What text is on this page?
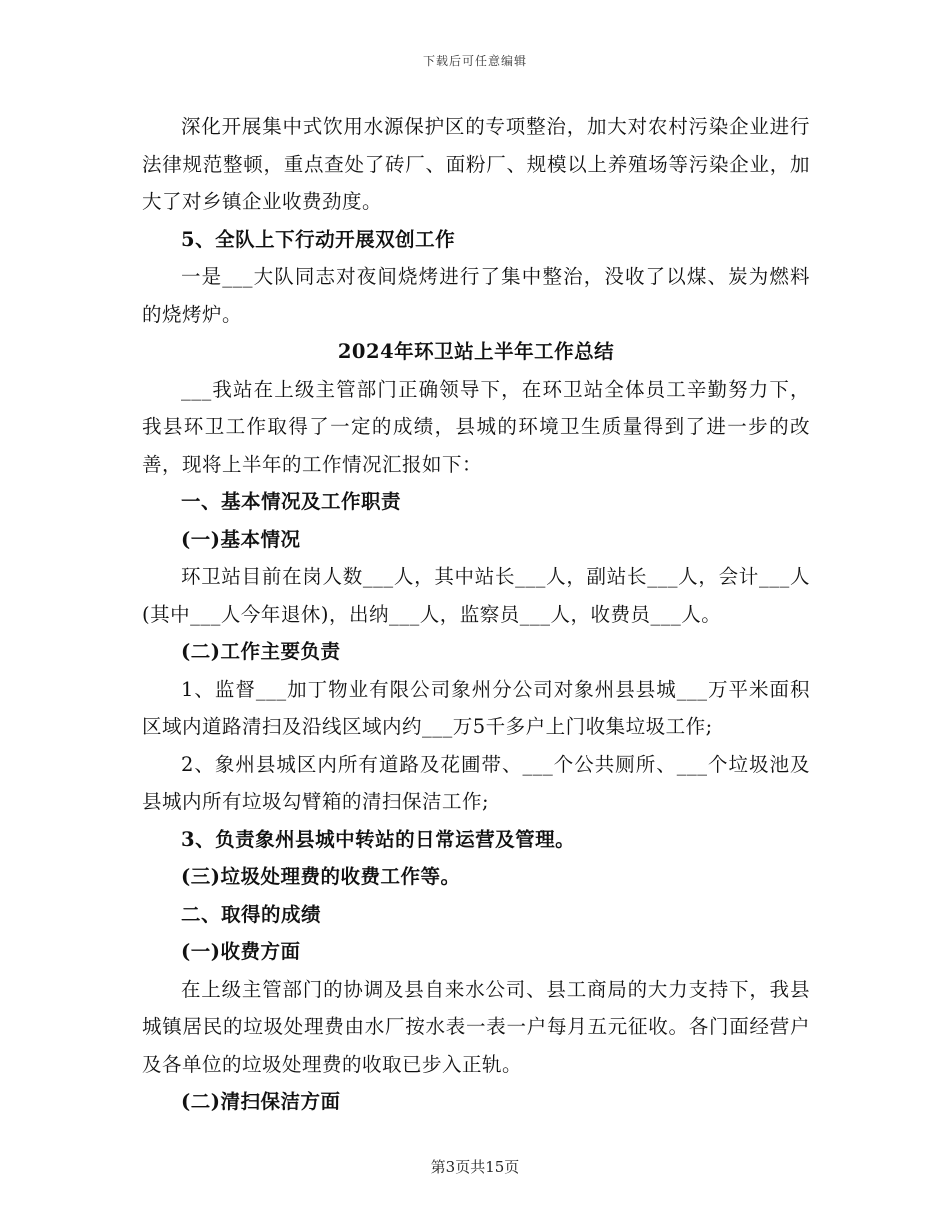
下载后可任意编辑

深化开展集中式饮用水源保护区的专项整治，加大对农村污染企业进行法律规范整顿，重点查处了砖厂、面粉厂、规模以上养殖场等污染企业，加大了对乡镇企业收费劲度。

5、全队上下行动开展双创工作

一是___大队同志对夜间烧烤进行了集中整治，没收了以煤、炭为燃料的烧烤炉。

2024年环卫站上半年工作总结

___我站在上级主管部门正确领导下，在环卫站全体员工辛勤努力下，我县环卫工作取得了一定的成绩，县城的环境卫生质量得到了进一步的改善，现将上半年的工作情况汇报如下：

一、基本情况及工作职责

(一)基本情况

环卫站目前在岗人数___人，其中站长___人，副站长___人，会计___人(其中___人今年退休)，出纳___人，监察员___人，收费员___人。

(二)工作主要负责

1、监督___加丁物业有限公司象州分公司对象州县县城___万平米面积区域内道路清扫及沿线区域内约___万5千多户上门收集垃圾工作;

2、象州县城区内所有道路及花圃带、___个公共厕所、___个垃圾池及县城内所有垃圾勾臂箱的清扫保洁工作;

3、负责象州县城中转站的日常运营及管理。

(三)垃圾处理费的收费工作等。

二、取得的成绩

(一)收费方面

在上级主管部门的协调及县自来水公司、县工商局的大力支持下，我县城镇居民的垃圾处理费由水厂按水表一表一户每月五元征收。各门面经营户及各单位的垃圾处理费的收取已步入正轨。

(二)清扫保洁方面

第3页共15页
